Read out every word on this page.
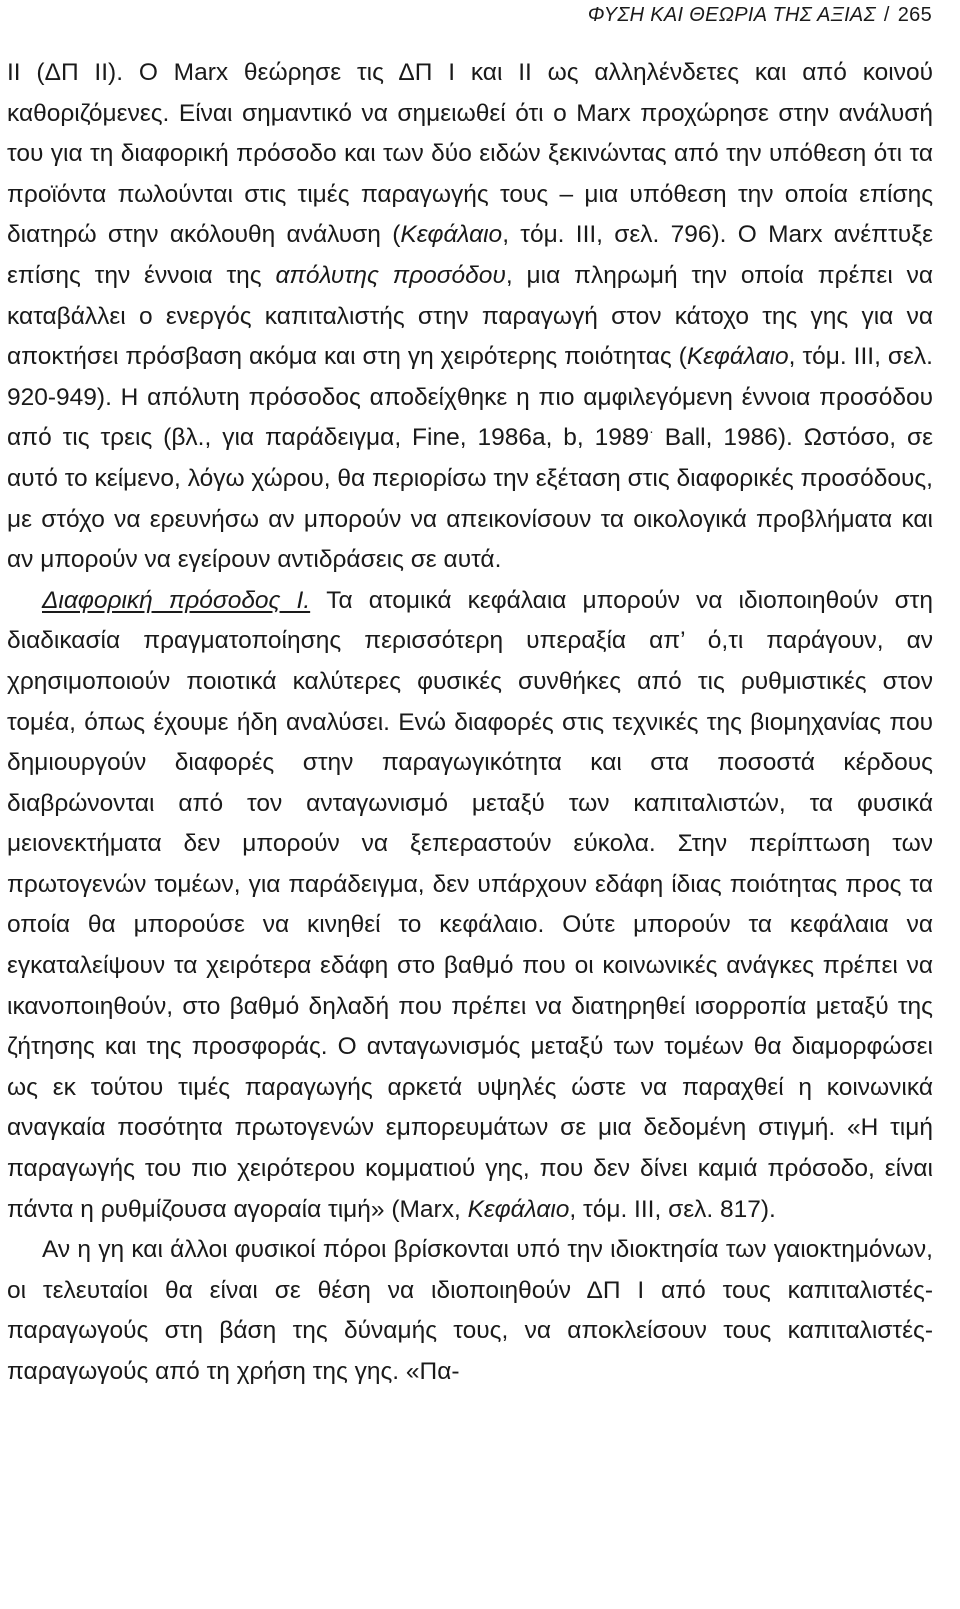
ΦΥΣΗ ΚΑΙ ΘΕΩΡΙΑ ΤΗΣ ΑΞΙΑΣ / 265

II (ΔΠ II). Ο Marx θεώρησε τις ΔΠ I και II ως αλληλένδετες και από κοινού καθοριζόμενες. Είναι σημαντικό να σημειωθεί ότι ο Marx προχώρησε στην ανάλυσή του για τη διαφορική πρόσοδο και των δύο ειδών ξεκινώντας από την υπόθεση ότι τα προϊόντα πωλούνται στις τιμές παραγωγής τους – μια υπόθεση την οποία επίσης διατηρώ στην ακόλουθη ανάλυση (Κεφάλαιο, τόμ. III, σελ. 796). Ο Marx ανέπτυξε επίσης την έννοια της απόλυτης προσόδου, μια πληρωμή την οποία πρέπει να καταβάλλει ο ενεργός καπιταλιστής στην παραγωγή στον κάτοχο της γης για να αποκτήσει πρόσβαση ακόμα και στη γη χειρότερης ποιότητας (Κεφάλαιο, τόμ. III, σελ. 920-949). Η απόλυτη πρόσοδος αποδείχθηκε η πιο αμφιλεγόμενη έννοια προσόδου από τις τρεις (βλ., για παράδειγμα, Fine, 1986a, b, 1989· Ball, 1986). Ωστόσο, σε αυτό το κείμενο, λόγω χώρου, θα περιορίσω την εξέταση στις διαφορικές προσόδους, με στόχο να ερευνήσω αν μπορούν να απεικονίσουν τα οικολογικά προβλήματα και αν μπορούν να εγείρουν αντιδράσεις σε αυτά.

Διαφορική πρόσοδος I. Τα ατομικά κεφάλαια μπορούν να ιδιοποιηθούν στη διαδικασία πραγματοποίησης περισσότερη υπεραξία απ’ ό,τι παράγουν, αν χρησιμοποιούν ποιοτικά καλύτερες φυσικές συνθήκες από τις ρυθμιστικές στον τομέα, όπως έχουμε ήδη αναλύσει. Ενώ διαφορές στις τεχνικές της βιομηχανίας που δημιουργούν διαφορές στην παραγωγικότητα και στα ποσοστά κέρδους διαβρώνονται από τον ανταγωνισμό μεταξύ των καπιταλιστών, τα φυσικά μειονεκτήματα δεν μπορούν να ξεπεραστούν εύκολα. Στην περίπτωση των πρωτογενών τομέων, για παράδειγμα, δεν υπάρχουν εδάφη ίδιας ποιότητας προς τα οποία θα μπορούσε να κινηθεί το κεφάλαιο. Ούτε μπορούν τα κεφάλαια να εγκαταλείψουν τα χειρότερα εδάφη στο βαθμό που οι κοινωνικές ανάγκες πρέπει να ικανοποιηθούν, στο βαθμό δηλαδή που πρέπει να διατηρηθεί ισορροπία μεταξύ της ζήτησης και της προσφοράς. Ο ανταγωνισμός μεταξύ των τομέων θα διαμορφώσει ως εκ τούτου τιμές παραγωγής αρκετά υψηλές ώστε να παραχθεί η κοινωνικά αναγκαία ποσότητα πρωτογενών εμπορευμάτων σε μια δεδομένη στιγμή. «Η τιμή παραγωγής του πιο χειρότερου κομματιού γης, που δεν δίνει καμιά πρόσοδο, είναι πάντα η ρυθμίζουσα αγοραία τιμή» (Marx, Κεφάλαιο, τόμ. III, σελ. 817).

Αν η γη και άλλοι φυσικοί πόροι βρίσκονται υπό την ιδιοκτησία των γαιοκτημόνων, οι τελευταίοι θα είναι σε θέση να ιδιοποιηθούν ΔΠ I από τους καπιταλιστές-παραγωγούς στη βάση της δύναμής τους, να αποκλείσουν τους καπιταλιστές-παραγωγούς από τη χρήση της γης. «Πα-
